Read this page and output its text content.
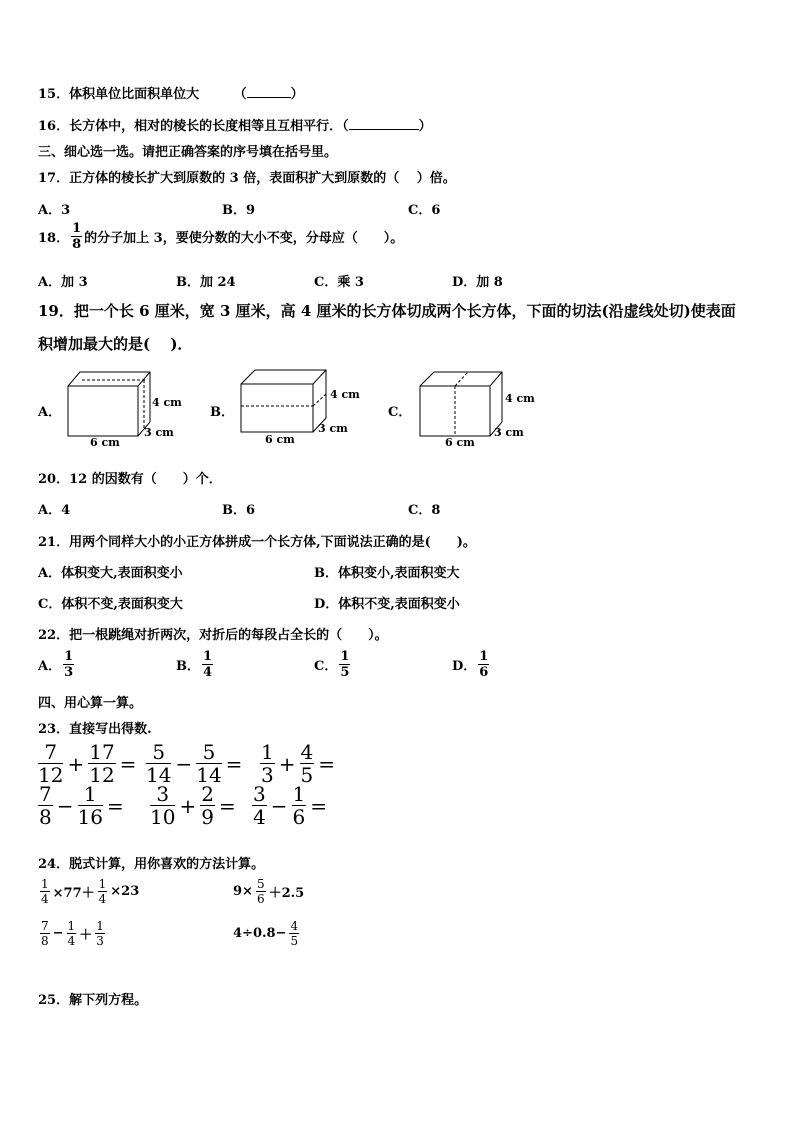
15．体积单位比面积单位大	（	）
16．长方体中，相对的棱长的长度相等且互相平行．（	）
三、细心选一选。请把正确答案的序号填在括号里。
17．正方体的棱长扩大到原数的 3 倍，表面积扩大到原数的（　 ）倍。
A．3	B．9	C．6
18． $\frac{1}{8}$ 的分子加上 3，要使分数的大小不变，分母应（　　）。
A．加 3	B．加 24	C．乘 3	D．加 8
19．把一个长 6 厘米，宽 3 厘米，高 4 厘米的长方体切成两个长方体，下面的切法(沿虚线处切)使表面
积增加最大的是(　 )．
A．	B．	C．
4 cm
3 cm
6 cm
4 cm
3 cm
6 cm
4 cm
3 cm
6 cm
20．12 的因数有（　　）个．
A．4	B．6	C．8
21．用两个同样大小的小正方体拼成一个长方体,下面说法正确的是(　　)。
A．体积变大,表面积变小	B．体积变小,表面积变大
C．体积不变,表面积变大	D．体积不变,表面积变小
22．把一根跳绳对折两次，对折后的每段占全长的（　　）。
A． $\frac{1}{3}$	B． $\frac{1}{4}$	C． $\frac{1}{5}$	D． $\frac{1}{6}$
四、用心算一算。
23．直接写出得数.
$\frac{7}{12} + \frac{17}{12} = \frac{5}{14} - \frac{5}{14} = \frac{1}{3} + \frac{4}{5}$ =
$\frac{7}{8} - \frac{1}{16} = \frac{3}{10} + \frac{2}{9} = \frac{3}{4} - \frac{1}{6}$ =
24．脱式计算，用你喜欢的方法计算。
$\frac{1}{4} \times 77+ \frac{1}{4} \times 23$	$9\times \frac{5}{6} +2.5$
$\frac{7}{8} - \frac{1}{4} + \frac{1}{3}$	$4\div 0.8- \frac{4}{5}$
25．解下列方程。
